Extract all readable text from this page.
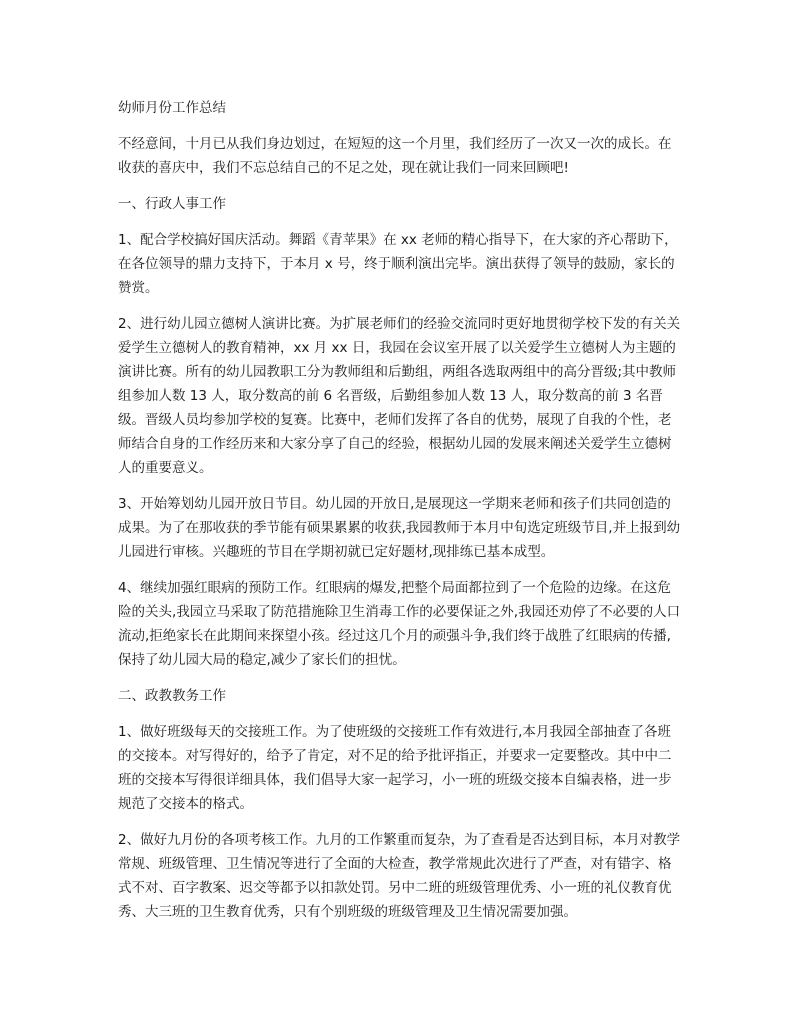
幼师月份工作总结

不经意间，十月已从我们身边划过，在短短的这一个月里，我们经历了一次又一次的成长。在收获的喜庆中，我们不忘总结自己的不足之处，现在就让我们一同来回顾吧!

一、行政人事工作

1、配合学校搞好国庆活动。舞蹈《青苹果》在 xx 老师的精心指导下，在大家的齐心帮助下，在各位领导的鼎力支持下，于本月 x 号，终于顺利演出完毕。演出获得了领导的鼓励，家长的赞赏。

2、进行幼儿园立德树人演讲比赛。为扩展老师们的经验交流同时更好地贯彻学校下发的有关关爱学生立德树人的教育精神，xx 月 xx 日，我园在会议室开展了以关爱学生立德树人为主题的演讲比赛。所有的幼儿园教职工分为教师组和后勤组，两组各选取两组中的高分晋级;其中教师组参加人数 13 人，取分数高的前 6 名晋级，后勤组参加人数 13 人，取分数高的前 3 名晋级。晋级人员均参加学校的复赛。比赛中，老师们发挥了各自的优势，展现了自我的个性，老师结合自身的工作经历来和大家分享了自己的经验，根据幼儿园的发展来阐述关爱学生立德树人的重要意义。

3、开始筹划幼儿园开放日节目。幼儿园的开放日,是展现这一学期来老师和孩子们共同创造的成果。为了在那收获的季节能有硕果累累的收获,我园教师于本月中旬选定班级节目,并上报到幼儿园进行审核。兴趣班的节目在学期初就已定好题材,现排练已基本成型。

4、继续加强红眼病的预防工作。红眼病的爆发,把整个局面都拉到了一个危险的边缘。在这危险的关头,我园立马采取了防范措施除卫生消毒工作的必要保证之外,我园还劝停了不必要的人口流动,拒绝家长在此期间来探望小孩。经过这几个月的顽强斗争,我们终于战胜了红眼病的传播,保持了幼儿园大局的稳定,减少了家长们的担忧。

二、政教教务工作

1、做好班级每天的交接班工作。为了使班级的交接班工作有效进行,本月我园全部抽查了各班的交接本。对写得好的，给予了肯定，对不足的给予批评指正，并要求一定要整改。其中中二班的交接本写得很详细具体，我们倡导大家一起学习，小一班的班级交接本自编表格，进一步规范了交接本的格式。

2、做好九月份的各项考核工作。九月的工作繁重而复杂，为了查看是否达到目标，本月对教学常规、班级管理、卫生情况等进行了全面的大检查，教学常规此次进行了严查，对有错字、格式不对、百字教案、迟交等都予以扣款处罚。另中二班的班级管理优秀、小一班的礼仪教育优秀、大三班的卫生教育优秀，只有个别班级的班级管理及卫生情况需要加强。
